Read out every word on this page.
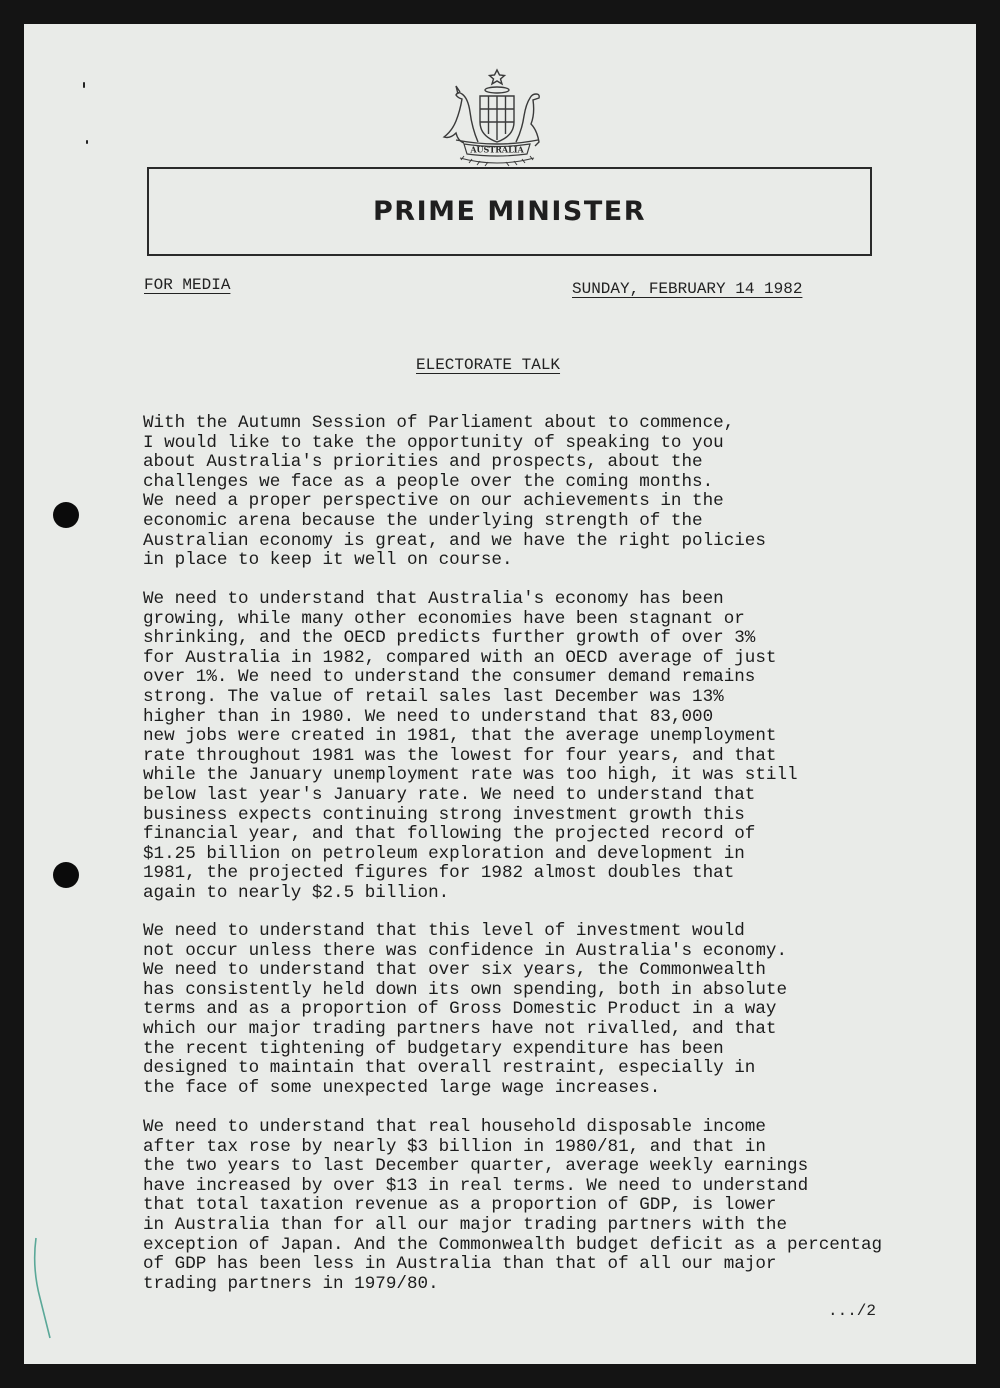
AUSTRALIA
PRIME MINISTER
FOR MEDIA	SUNDAY, FEBRUARY 14 1982
ELECTORATE TALK

With the Autumn Session of Parliament about to commence,
I would like to take the opportunity of speaking to you
about Australia's priorities and prospects, about the
challenges we face as a people over the coming months.
We need a proper perspective on our achievements in the
economic arena because the underlying strength of the
Australian economy is great, and we have the right policies
in place to keep it well on course.

We need to understand that Australia's economy has been
growing, while many other economies have been stagnant or
shrinking, and the OECD predicts further growth of over 3%
for Australia in 1982, compared with an OECD average of just
over 1%. We need to understand the consumer demand remains
strong. The value of retail sales last December was 13%
higher than in 1980. We need to understand that 83,000
new jobs were created in 1981, that the average unemployment
rate throughout 1981 was the lowest for four years, and that
while the January unemployment rate was too high, it was still
below last year's January rate. We need to understand that
business expects continuing strong investment growth this
financial year, and that following the projected record of
$1.25 billion on petroleum exploration and development in
1981, the projected figures for 1982 almost doubles that
again to nearly $2.5 billion.

We need to understand that this level of investment would
not occur unless there was confidence in Australia's economy.
We need to understand that over six years, the Commonwealth
has consistently held down its own spending, both in absolute
terms and as a proportion of Gross Domestic Product in a way
which our major trading partners have not rivalled, and that
the recent tightening of budgetary expenditure has been
designed to maintain that overall restraint, especially in
the face of some unexpected large wage increases.

We need to understand that real household disposable income
after tax rose by nearly $3 billion in 1980/81, and that in
the two years to last December quarter, average weekly earnings
have increased by over $13 in real terms. We need to understand
that total taxation revenue as a proportion of GDP, is lower
in Australia than for all our major trading partners with the
exception of Japan. And the Commonwealth budget deficit as a percentag
of GDP has been less in Australia than that of all our major
trading partners in 1979/80.

.../2
